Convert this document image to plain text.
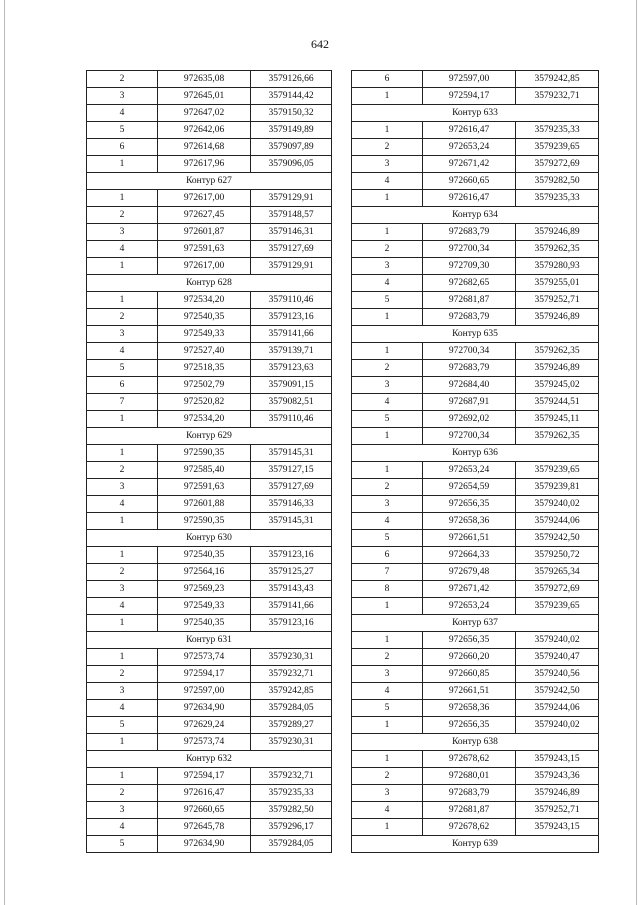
642
2	972635,08	3579126,66
3	972645,01	3579144,42
4	972647,02	3579150,32
5	972642,06	3579149,89
6	972614,68	3579097,89
1	972617,96	3579096,05
Контур 627		
1	972617,00	3579129,91
2	972627,45	3579148,57
3	972601,87	3579146,31
4	972591,63	3579127,69
1	972617,00	3579129,91
Контур 628		
1	972534,20	3579110,46
2	972540,35	3579123,16
3	972549,33	3579141,66
4	972527,40	3579139,71
5	972518,35	3579123,63
6	972502,79	3579091,15
7	972520,82	3579082,51
1	972534,20	3579110,46
Контур 629		
1	972590,35	3579145,31
2	972585,40	3579127,15
3	972591,63	3579127,69
4	972601,88	3579146,33
1	972590,35	3579145,31
Контур 630		
1	972540,35	3579123,16
2	972564,16	3579125,27
3	972569,23	3579143,43
4	972549,33	3579141,66
1	972540,35	3579123,16
Контур 631		
1	972573,74	3579230,31
2	972594,17	3579232,71
3	972597,00	3579242,85
4	972634,90	3579284,05
5	972629,24	3579289,27
1	972573,74	3579230,31
Контур 632		
1	972594,17	3579232,71
2	972616,47	3579235,33
3	972660,65	3579282,50
4	972645,78	3579296,17
5	972634,90	3579284,05
6	972597,00	3579242,85
1	972594,17	3579232,71
Контур 633		
1	972616,47	3579235,33
2	972653,24	3579239,65
3	972671,42	3579272,69
4	972660,65	3579282,50
1	972616,47	3579235,33
Контур 634		
1	972683,79	3579246,89
2	972700,34	3579262,35
3	972709,30	3579280,93
4	972682,65	3579255,01
5	972681,87	3579252,71
1	972683,79	3579246,89
Контур 635		
1	972700,34	3579262,35
2	972683,79	3579246,89
3	972684,40	3579245,02
4	972687,91	3579244,51
5	972692,02	3579245,11
1	972700,34	3579262,35
Контур 636		
1	972653,24	3579239,65
2	972654,59	3579239,81
3	972656,35	3579240,02
4	972658,36	3579244,06
5	972661,51	3579242,50
6	972664,33	3579250,72
7	972679,48	3579265,34
8	972671,42	3579272,69
1	972653,24	3579239,65
Контур 637		
1	972656,35	3579240,02
2	972660,20	3579240,47
3	972660,85	3579240,56
4	972661,51	3579242,50
5	972658,36	3579244,06
1	972656,35	3579240,02
Контур 638		
1	972678,62	3579243,15
2	972680,01	3579243,36
3	972683,79	3579246,89
4	972681,87	3579252,71
1	972678,62	3579243,15
Контур 639		
